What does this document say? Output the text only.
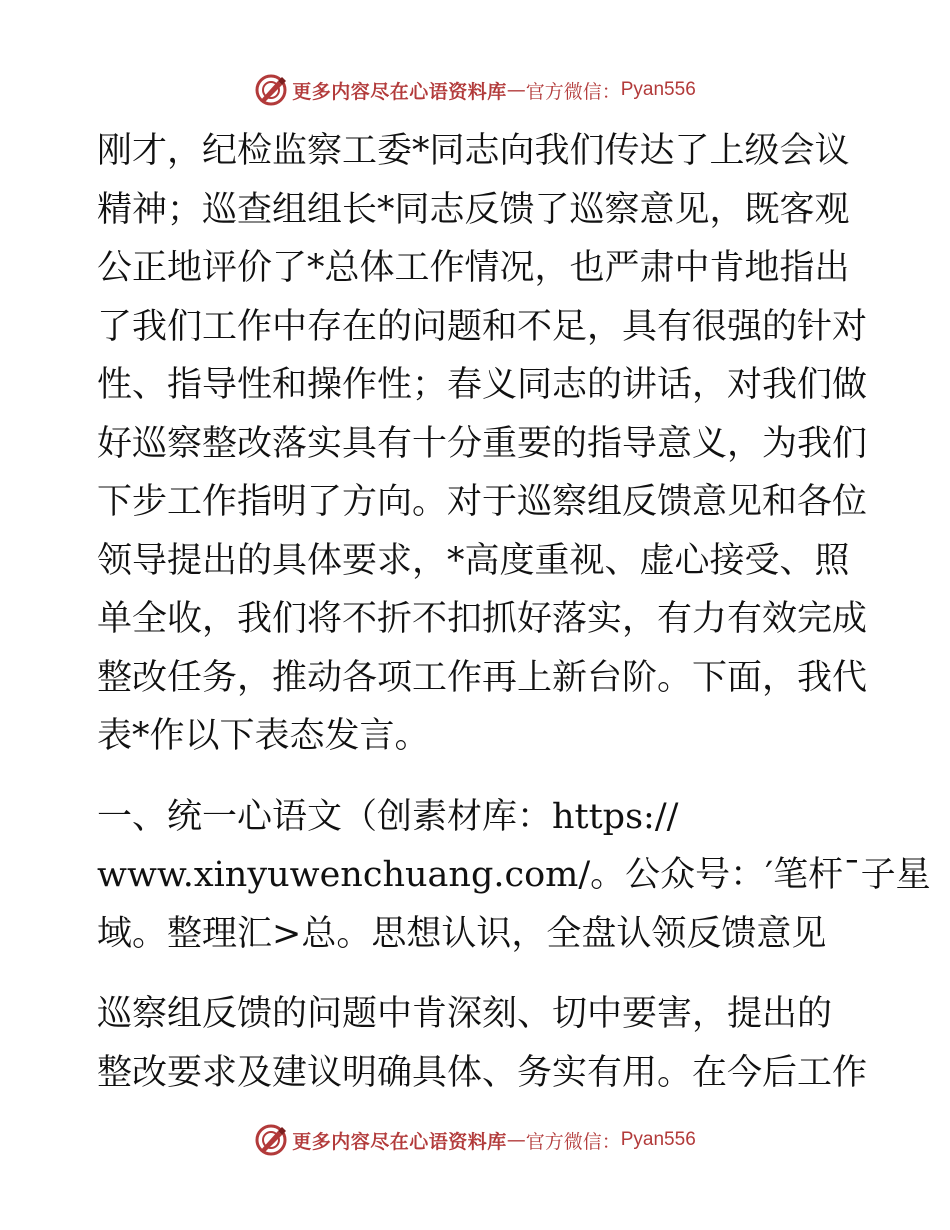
更多内容尽在心语资料库 — 官方微信： Pyan556
刚才，纪检监察工委*同志向我们传达了上级会议
精神；巡查组组长*同志反馈了巡察意见，既客观
公正地评价了*总体工作情况，也严肃中肯地指出
了我们工作中存在的问题和不足，具有很强的针对
性、指导性和操作性；春义同志的讲话，对我们做
好巡察整改落实具有十分重要的指导意义，为我们
下步工作指明了方向。对于巡察组反馈意见和各位
领导提出的具体要求，*高度重视、虚心接受、照
单全收，我们将不折不扣抓好落实，有力有效完成
整改任务，推动各项工作再上新台阶。下面，我代
表*作以下表态发言。
一、统一心语文（创素材库：https://
www.xinyuwenchuang.com/。公众号：′笔杆¯子星
域。整理汇>总。思想认识，全盘认领反馈意见
巡察组反馈的问题中肯深刻、切中要害，提出的
整改要求及建议明确具体、务实有用。在今后工作
更多内容尽在心语资料库 — 官方微信： Pyan556
